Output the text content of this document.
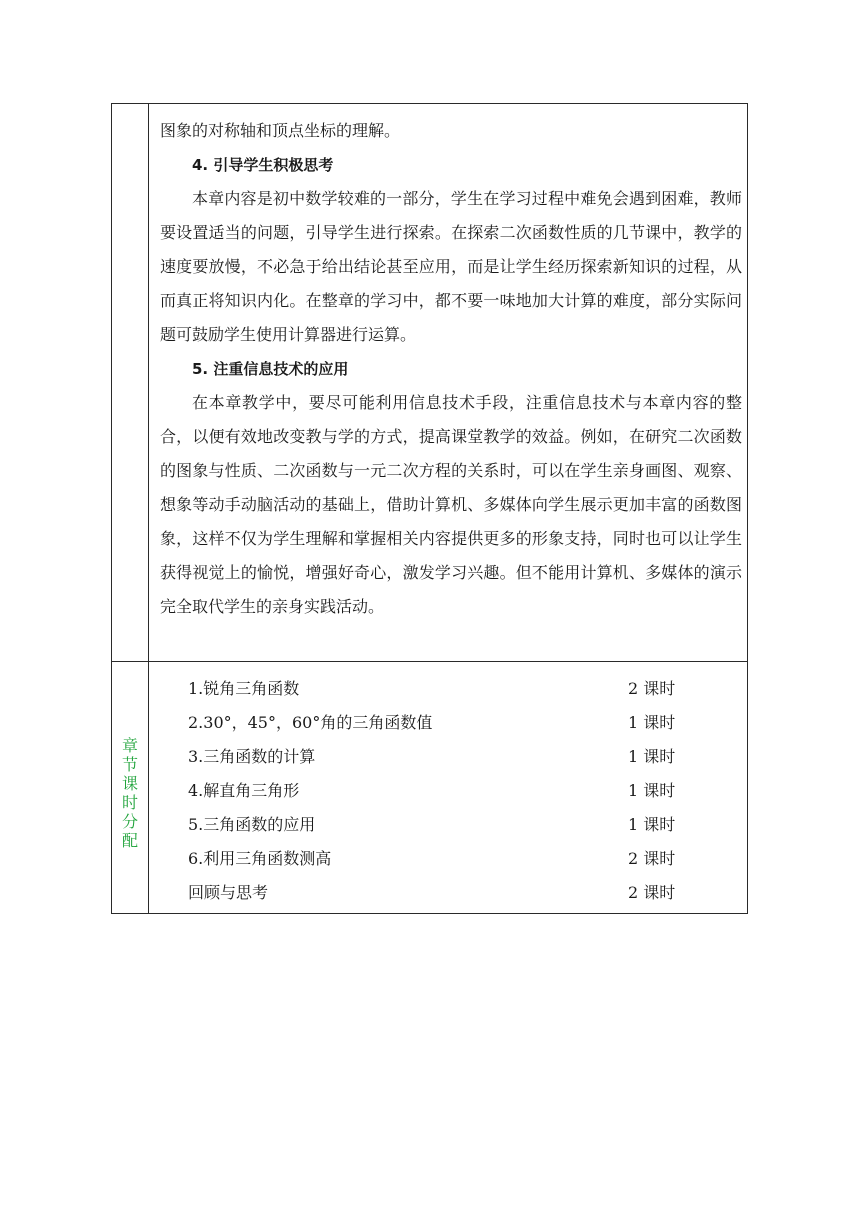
图象的对称轴和顶点坐标的理解。

4. 引导学生积极思考

本章内容是初中数学较难的一部分，学生在学习过程中难免会遇到困难，教师要设置适当的问题，引导学生进行探索。在探索二次函数性质的几节课中，教学的速度要放慢，不必急于给出结论甚至应用，而是让学生经历探索新知识的过程，从而真正将知识内化。在整章的学习中，都不要一味地加大计算的难度，部分实际问题可鼓励学生使用计算器进行运算。

5. 注重信息技术的应用

在本章教学中，要尽可能利用信息技术手段，注重信息技术与本章内容的整合，以便有效地改变教与学的方式，提高课堂教学的效益。例如，在研究二次函数的图象与性质、二次函数与一元二次方程的关系时，可以在学生亲身画图、观察、想象等动手动脑活动的基础上，借助计算机、多媒体向学生展示更加丰富的函数图象，这样不仅为学生理解和掌握相关内容提供更多的形象支持，同时也可以让学生获得视觉上的愉悦，增强好奇心，激发学习兴趣。但不能用计算机、多媒体的演示完全取代学生的亲身实践活动。

章
节
课
时
分
配
1.锐角三角函数	2 课时
2.30°，45°，60°角的三角函数值	1 课时
3.三角函数的计算	1 课时
4.解直角三角形	1 课时
5.三角函数的应用	1 课时
6.利用三角函数测高	2 课时
回顾与思考	2 课时
